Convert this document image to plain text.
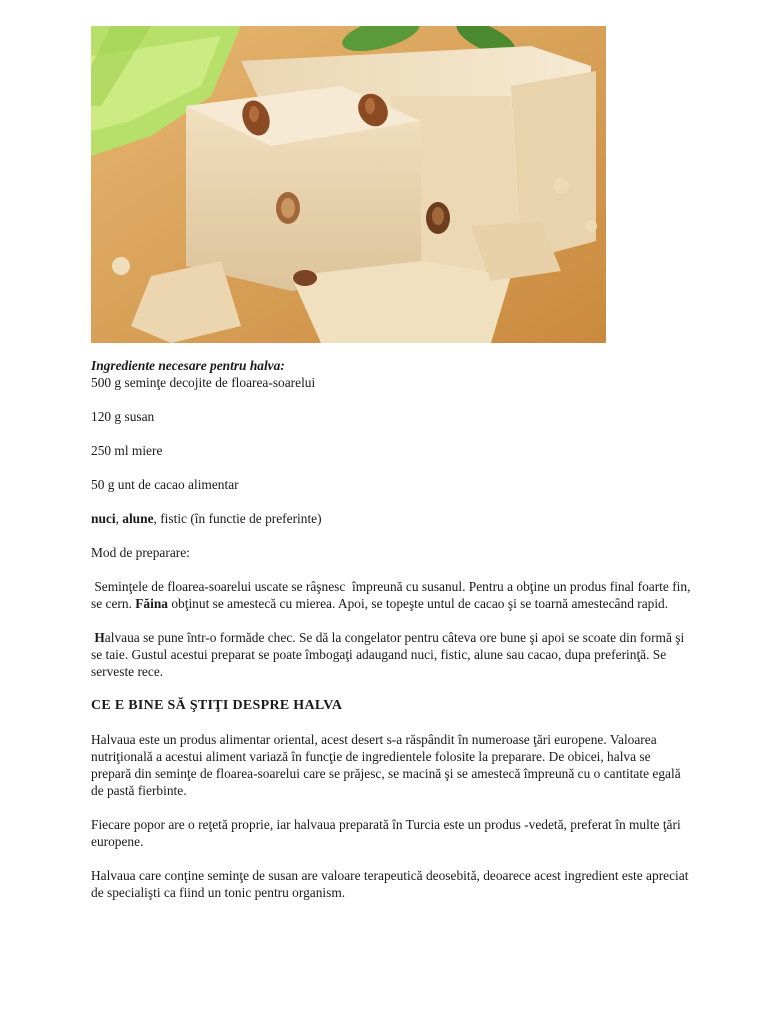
Ingrediente necesare pentru halva:

500 g seminţe decojite de floarea-soarelui

120 g susan

250 ml miere

50 g unt de cacao alimentar

nuci, alune, fistic (în functie de preferinte)

Mod de preparare:

Seminţele de floarea-soarelui uscate se râşnesc  împreună cu susanul. Pentru a obţine un produs final foarte fin, se cern. Făina obţinut se amestecă cu mierea. Apoi, se topeşte untul de cacao şi se toarnă amestecând rapid.

Halvaua se pune într-o formăde chec. Se dă la congelator pentru câteva ore bune şi apoi se scoate din formă şi se taie. Gustul acestui preparat se poate îmbogaţi adaugand nuci, fistic, alune sau cacao, dupa preferinţă. Se serveste rece.

CE E BINE SĂ ŞTIŢI DESPRE HALVA

Halvaua este un produs alimentar oriental, acest desert s-a răspândit în numeroase ţări europene. Valoarea nutriţională a acestui aliment variază în funcţie de ingredientele folosite la preparare. De obicei, halva se prepară din seminţe de floarea-soarelui care se prăjesc, se macină şi se amestecă împreună cu o cantitate egală de pastă fierbinte.

Fiecare popor are o reţetă proprie, iar halvaua preparată în Turcia este un produs -vedetă, preferat în multe ţări europene.

Halvaua care conţine seminţe de susan are valoare terapeutică deosebită, deoarece acest ingredient este apreciat de specialişti ca fiind un tonic pentru organism.
